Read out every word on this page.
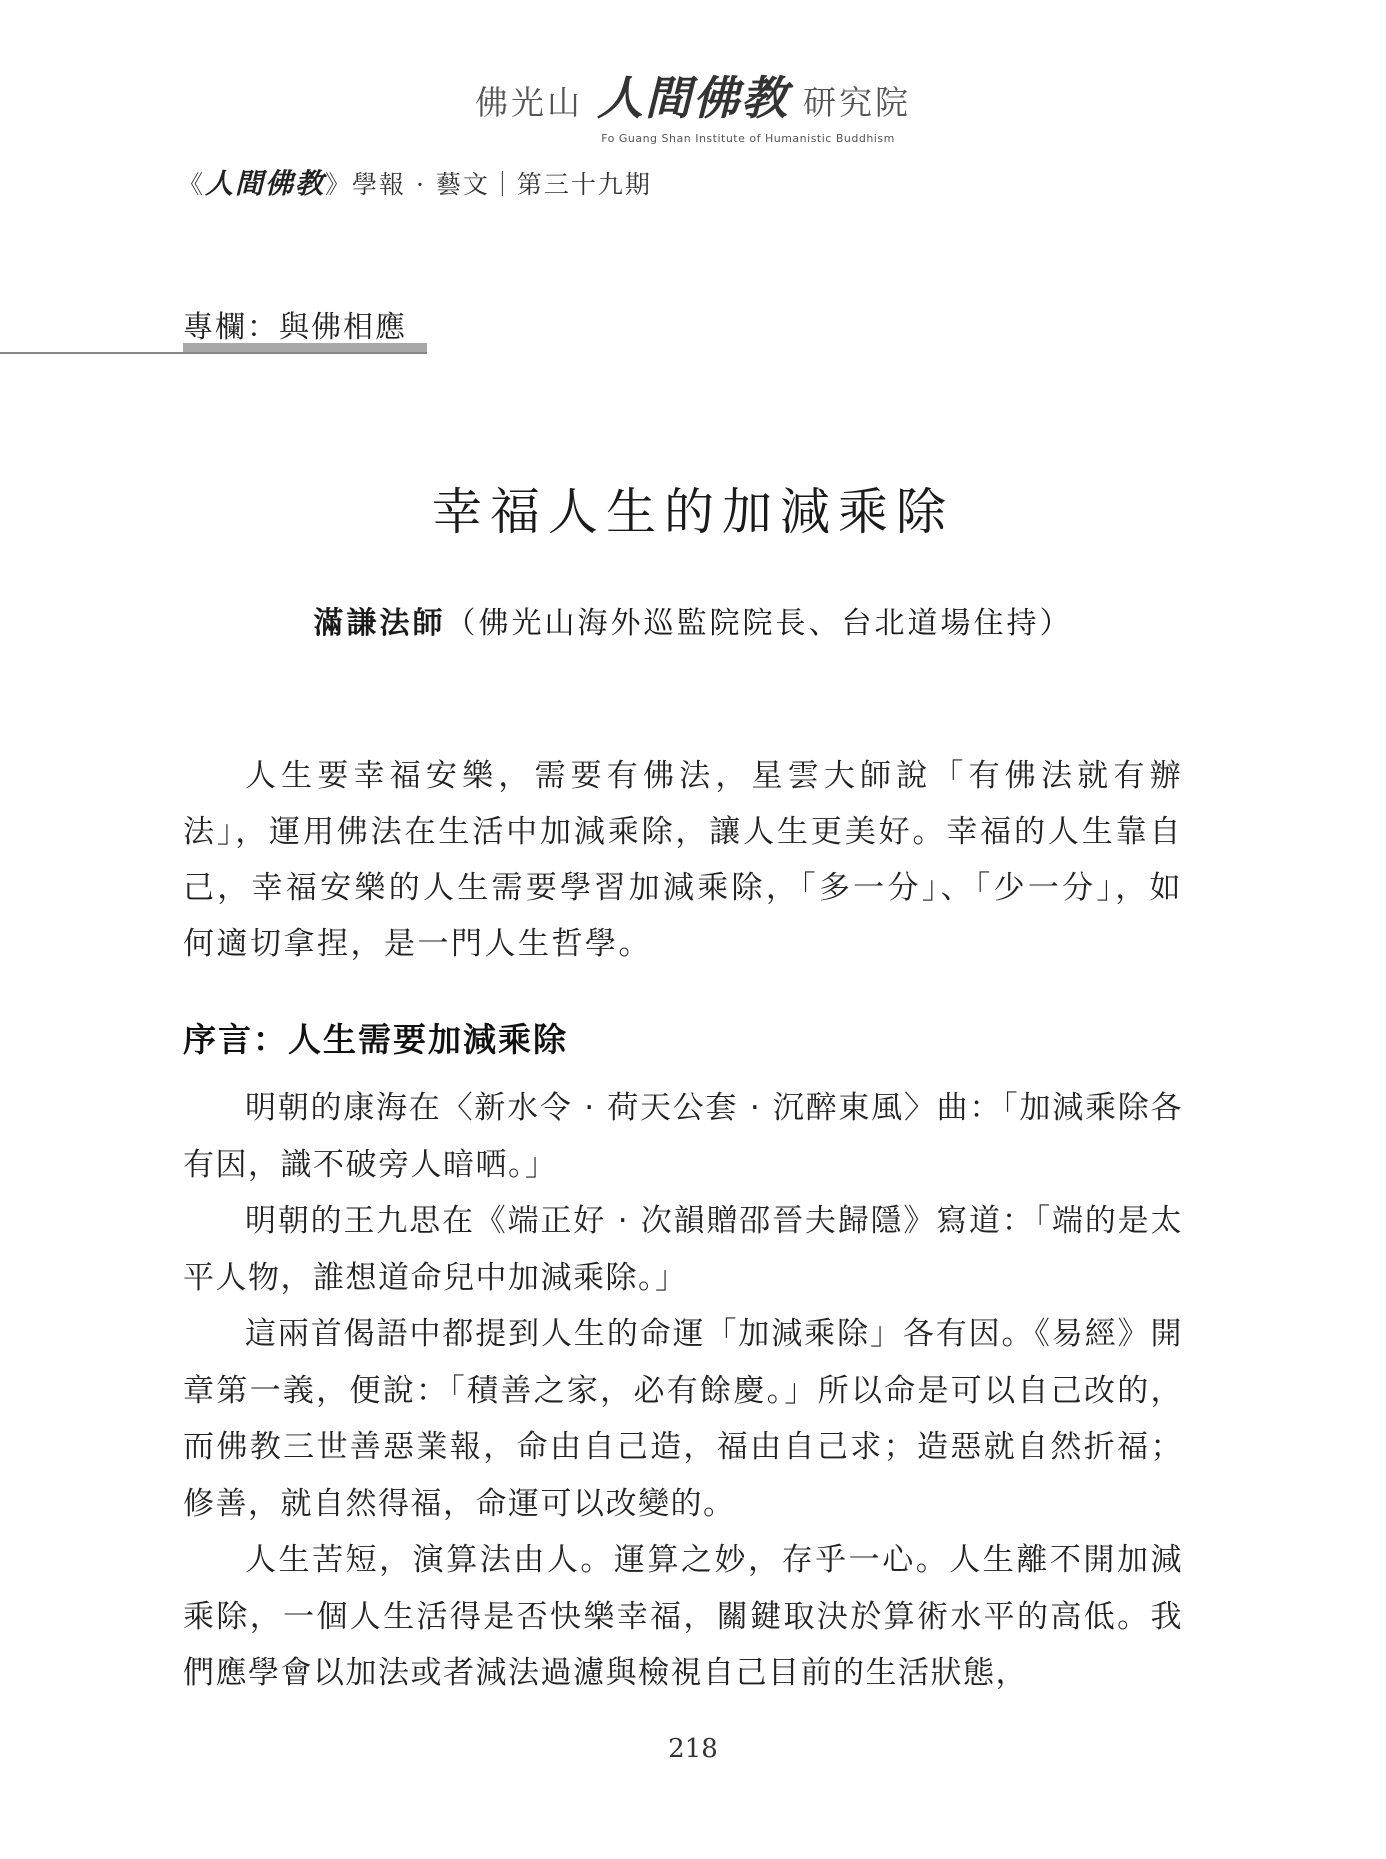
佛光山 人間佛教 研究院
Fo Guang Shan Institute of Humanistic Buddhism
《人間佛教》學報 · 藝文｜第三十九期
專欄：與佛相應
幸福人生的加減乘除
滿謙法師（佛光山海外巡監院院長、台北道場住持）

人生要幸福安樂，需要有佛法，星雲大師說「有佛法就有辦法」，運用佛法在生活中加減乘除，讓人生更美好。幸福的人生靠自己，幸福安樂的人生需要學習加減乘除，「多一分」、「少一分」，如何適切拿捏，是一門人生哲學。

序言：人生需要加減乘除

明朝的康海在〈新水令 · 荷天公套 · 沉醉東風〉曲：「加減乘除各有因，識不破旁人暗哂。」

明朝的王九思在《端正好 · 次韻贈邵晉夫歸隱》寫道：「端的是太平人物，誰想道命兒中加減乘除。」

這兩首偈語中都提到人生的命運「加減乘除」各有因。《易經》開章第一義，便說：「積善之家，必有餘慶。」所以命是可以自己改的，而佛教三世善惡業報，命由自己造，福由自己求；造惡就自然折福；修善，就自然得福，命運可以改變的。

人生苦短，演算法由人。運算之妙，存乎一心。人生離不開加減乘除，一個人生活得是否快樂幸福，關鍵取決於算術水平的高低。我們應學會以加法或者減法過濾與檢視自己目前的生活狀態，

218
